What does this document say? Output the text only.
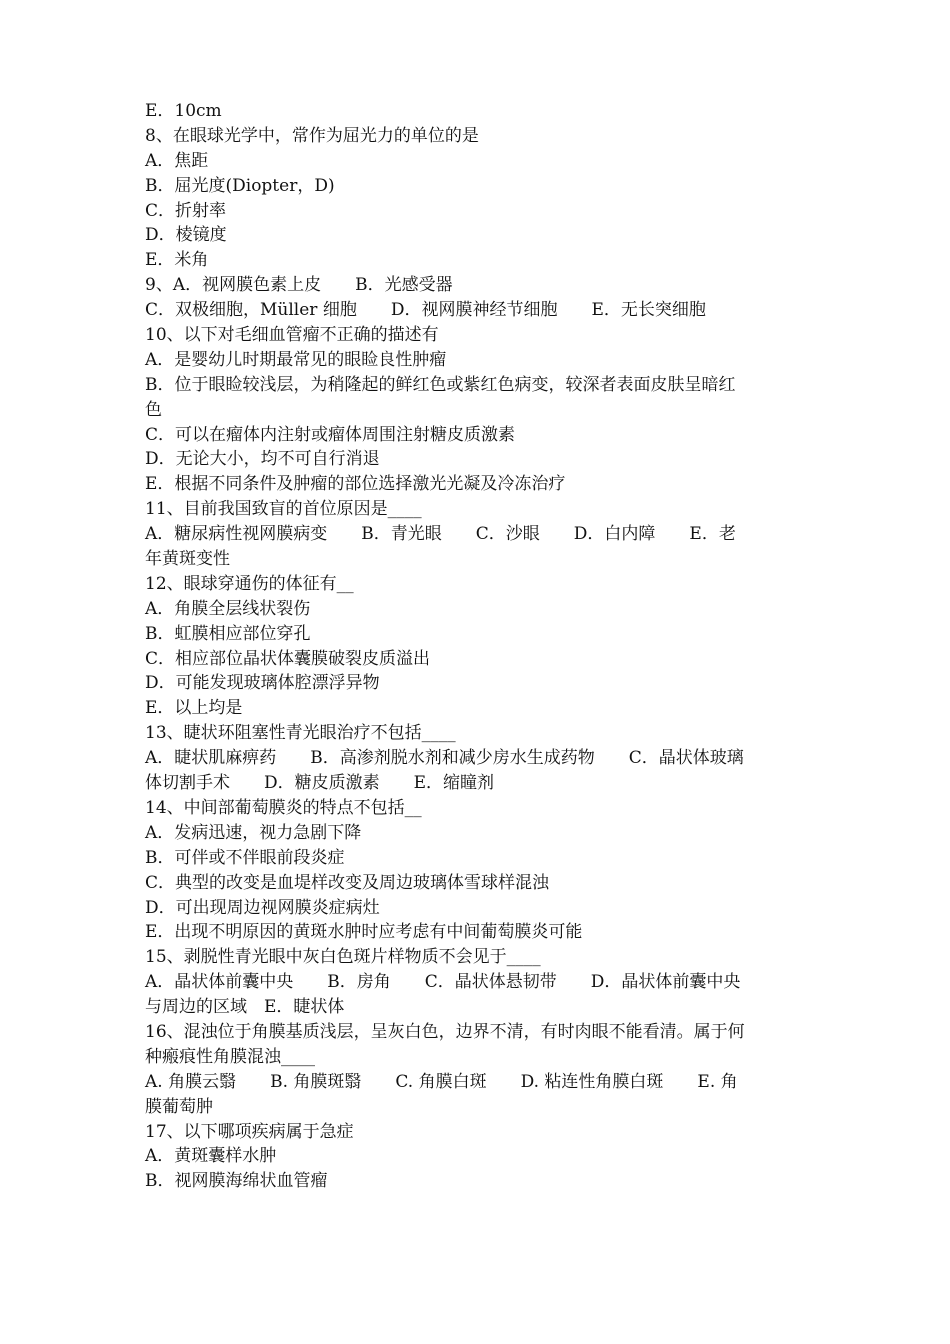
E．10cm
8、在眼球光学中，常作为屈光力的单位的是
A．焦距
B．屈光度(Diopter，D)
C．折射率
D．棱镜度
E．米角
9、A．视网膜色素上皮　　B．光感受器
C．双极细胞，Müller 细胞　　D．视网膜神经节细胞　　E．无长突细胞
10、以下对毛细血管瘤不正确的描述有
A．是婴幼儿时期最常见的眼睑良性肿瘤
B．位于眼睑较浅层，为稍隆起的鲜红色或紫红色病变，较深者表面皮肤呈暗红
色
C．可以在瘤体内注射或瘤体周围注射糖皮质激素
D．无论大小，均不可自行消退
E．根据不同条件及肿瘤的部位选择激光光凝及冷冻治疗
11、目前我国致盲的首位原因是____
A．糖尿病性视网膜病变　　B．青光眼　　C．沙眼　　D．白内障　　E．老
年黄斑变性
12、眼球穿通伤的体征有__
A．角膜全层线状裂伤
B．虹膜相应部位穿孔
C．相应部位晶状体囊膜破裂皮质溢出
D．可能发现玻璃体腔漂浮异物
E．以上均是
13、睫状环阻塞性青光眼治疗不包括____
A．睫状肌麻痹药　　B．高渗剂脱水剂和减少房水生成药物　　C．晶状体玻璃
体切割手术　　D．糖皮质激素　　E．缩瞳剂
14、中间部葡萄膜炎的特点不包括__
A．发病迅速，视力急剧下降
B．可伴或不伴眼前段炎症
C．典型的改变是血堤样改变及周边玻璃体雪球样混浊
D．可出现周边视网膜炎症病灶
E．出现不明原因的黄斑水肿时应考虑有中间葡萄膜炎可能
15、剥脱性青光眼中灰白色斑片样物质不会见于____
A．晶状体前囊中央　　B．房角　　C．晶状体悬韧带　　D．晶状体前囊中央
与周边的区域　E．睫状体
16、混浊位于角膜基质浅层，呈灰白色，边界不清，有时肉眼不能看清。属于何
种瘢痕性角膜混浊____
A. 角膜云翳　　B. 角膜斑翳　　C. 角膜白斑　　D. 粘连性角膜白斑　　E. 角
膜葡萄肿
17、以下哪项疾病属于急症
A．黄斑囊样水肿
B．视网膜海绵状血管瘤
